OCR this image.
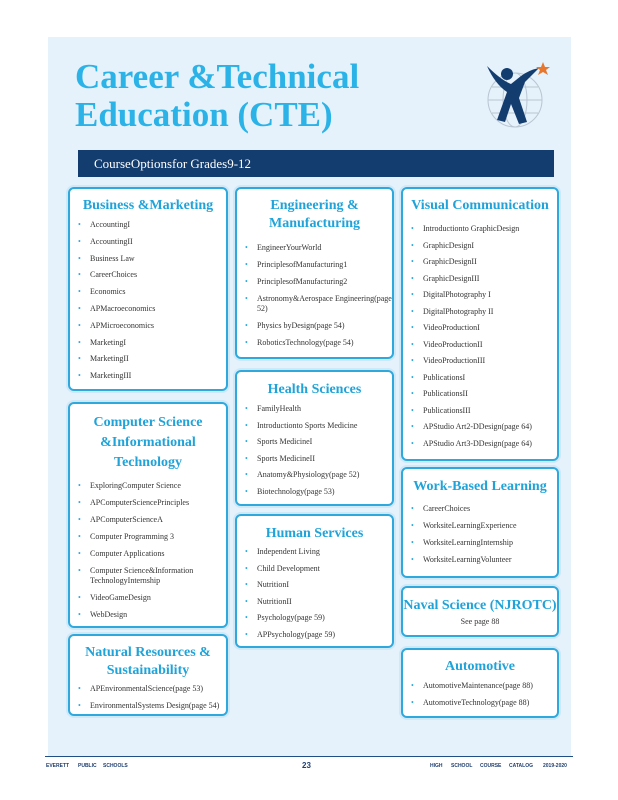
Career &Technical
Education (CTE)
CourseOptionsfor Grades9-12
Business &Marketing
• AccountingI
• AccountingII
• Business Law
• CareerChoices
• Economics
• APMacroeconomics
• APMicroeconomics
• MarketingI
• MarketingII
• MarketingIII
Engineering &
Manufacturing
• EngineerYourWorld
• PrinciplesofManufacturing1
• PrinciplesofManufacturing2
• Astronomy&Aerospace Engineering(page 52)
• Physics byDesign(page 54)
• RoboticsTechnology(page 54)
Visual Communication
• Introductionto GraphicDesign
• GraphicDesignI
• GraphicDesignII
• GraphicDesignIII
• DigitalPhotography I
• DigitalPhotography II
• VideoProductionI
• VideoProductionII
• VideoProductionIII
• PublicationsI
• PublicationsII
• PublicationsIII
• APStudio Art2-DDesign(page 64)
• APStudio Art3-DDesign(page 64)
Health Sciences
• FamilyHealth
• Introductionto Sports Medicine
• Sports MedicineI
• Sports MedicineII
• Anatomy&Physiology(page 52)
• Biotechnology(page 53)
Computer Science
&Informational
Technology
• ExploringComputer Science
• APComputerSciencePrinciples
• APComputerScienceA
• Computer Programming 3
• Computer Applications
• Computer Science&Information TechnologyInternship
• VideoGameDesign
• WebDesign
Work-Based Learning
• CareerChoices
• WorksiteLearningExperience
• WorksiteLearningInternship
• WorksiteLearningVolunteer
Human Services
• Independent Living
• Child Development
• NutritionI
• NutritionII
• Psychology(page 59)
• APPsychology(page 59)
Naval Science (NJROTC)
See page 88
Natural Resources &
Sustainability
• APEnvironmentalScience(page 53)
• EnvironmentalSystems Design(page 54)
Automotive
• AutomotiveMaintenance(page 88)
• AutomotiveTechnology(page 88)
EVERETT PUBLIC SCHOOLS	23	HIGH SCHOOL COURSE CATALOG 2019-2020
